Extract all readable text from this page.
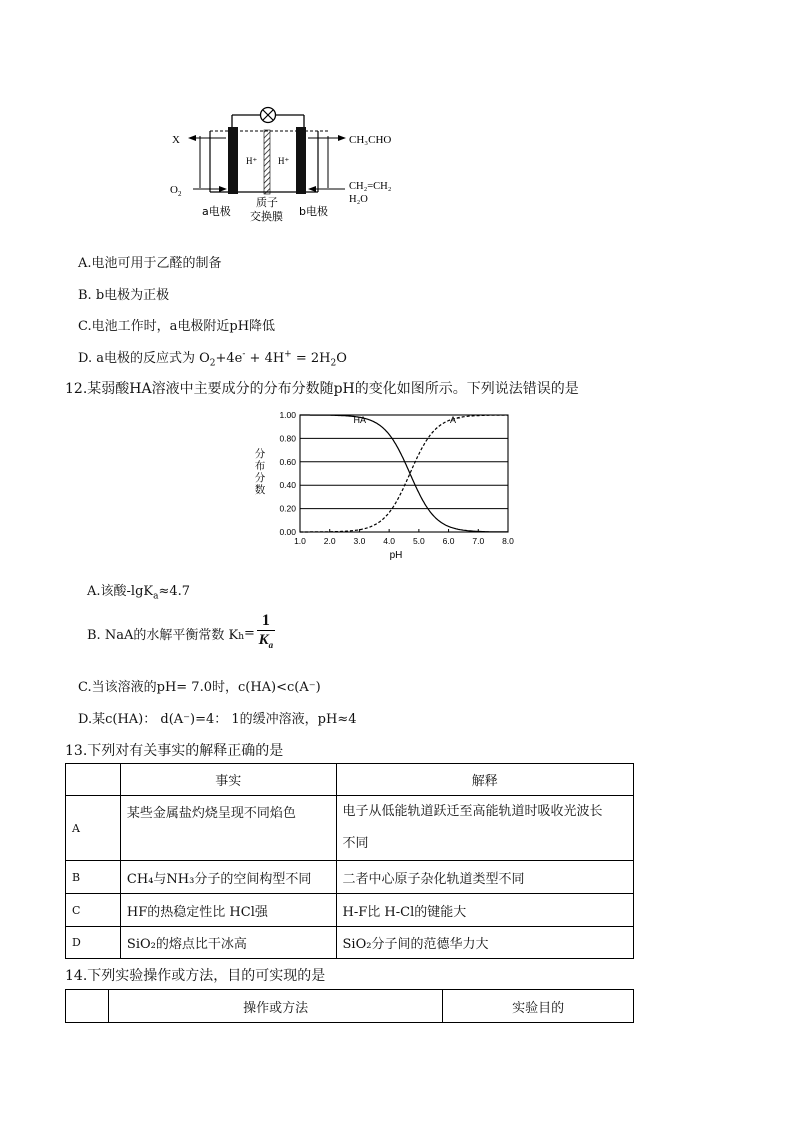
X
$O_2$
CH₃CHO
CH₂=CH₂
H₂O
H⁺ H⁺
a电极	b电极
质子
交换膜
A.电池可用于乙醛的制备
B. b电极为正极
C.电池工作时，a电极附近pH降低
D. a电极的反应式为 $O_2+4e^- + 4H^+ = 2H_2O$
12.某弱酸HA溶液中主要成分的分布分数随pH的变化如图所示。下列说法错误的是
0.00
0.20
0.40
0.60
0.80
1.00
1.0 2.0 3.0 4.0 5.0 6.0 7.0 8.0
pH
分
布
分
数
HA	A⁻
A.该酸-lgK$_a$≈4.7
B. NaA的水解平衡常数 $K_h$ =
1
$K_a$
C.当该溶液的pH= 7.0时，c(HA)<c(A⁻)
D.某c(HA)： d(A⁻)=4： 1的缓冲溶液，pH≈4
13.下列对有关事实的解释正确的是
	事实	解释
A	某些金属盐灼烧呈现不同焰色	电子从低能轨道跃迁至高能轨道时吸收光波长
不同

B	CH₄与NH₃分子的空间构型不同	二者中心原子杂化轨道类型不同
C	HF的热稳定性比 HCl强	H-F比 H-Cl的键能大
D	SiO₂的熔点比干冰高	SiO₂分子间的范德华力大
14.下列实验操作或方法，目的可实现的是
	操作或方法	实验目的
